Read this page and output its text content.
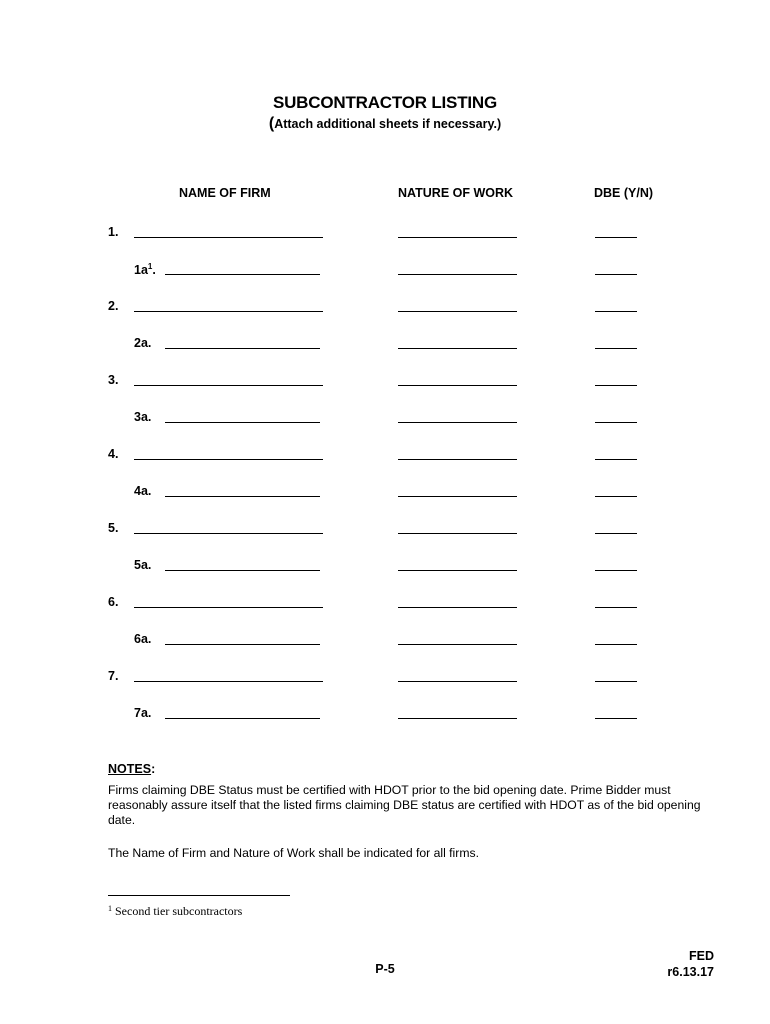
SUBCONTRACTOR LISTING
(Attach additional sheets if necessary.)
NAME OF FIRM	NATURE OF WORK	DBE (Y/N)
1.
$1a^1$.
2.
2a.
3.
3a.
4.
4a.
5.
5a.
6.
6a.
7.
7a.
NOTES:
Firms claiming DBE Status must be certified with HDOT prior to the bid opening date. Prime Bidder must reasonably assure itself that the listed firms claiming DBE status are certified with HDOT as of the bid opening date.
The Name of Firm and Nature of Work shall be indicated for all firms.
$^1$ Second tier subcontractors
P-5
FED
r6.13.17
